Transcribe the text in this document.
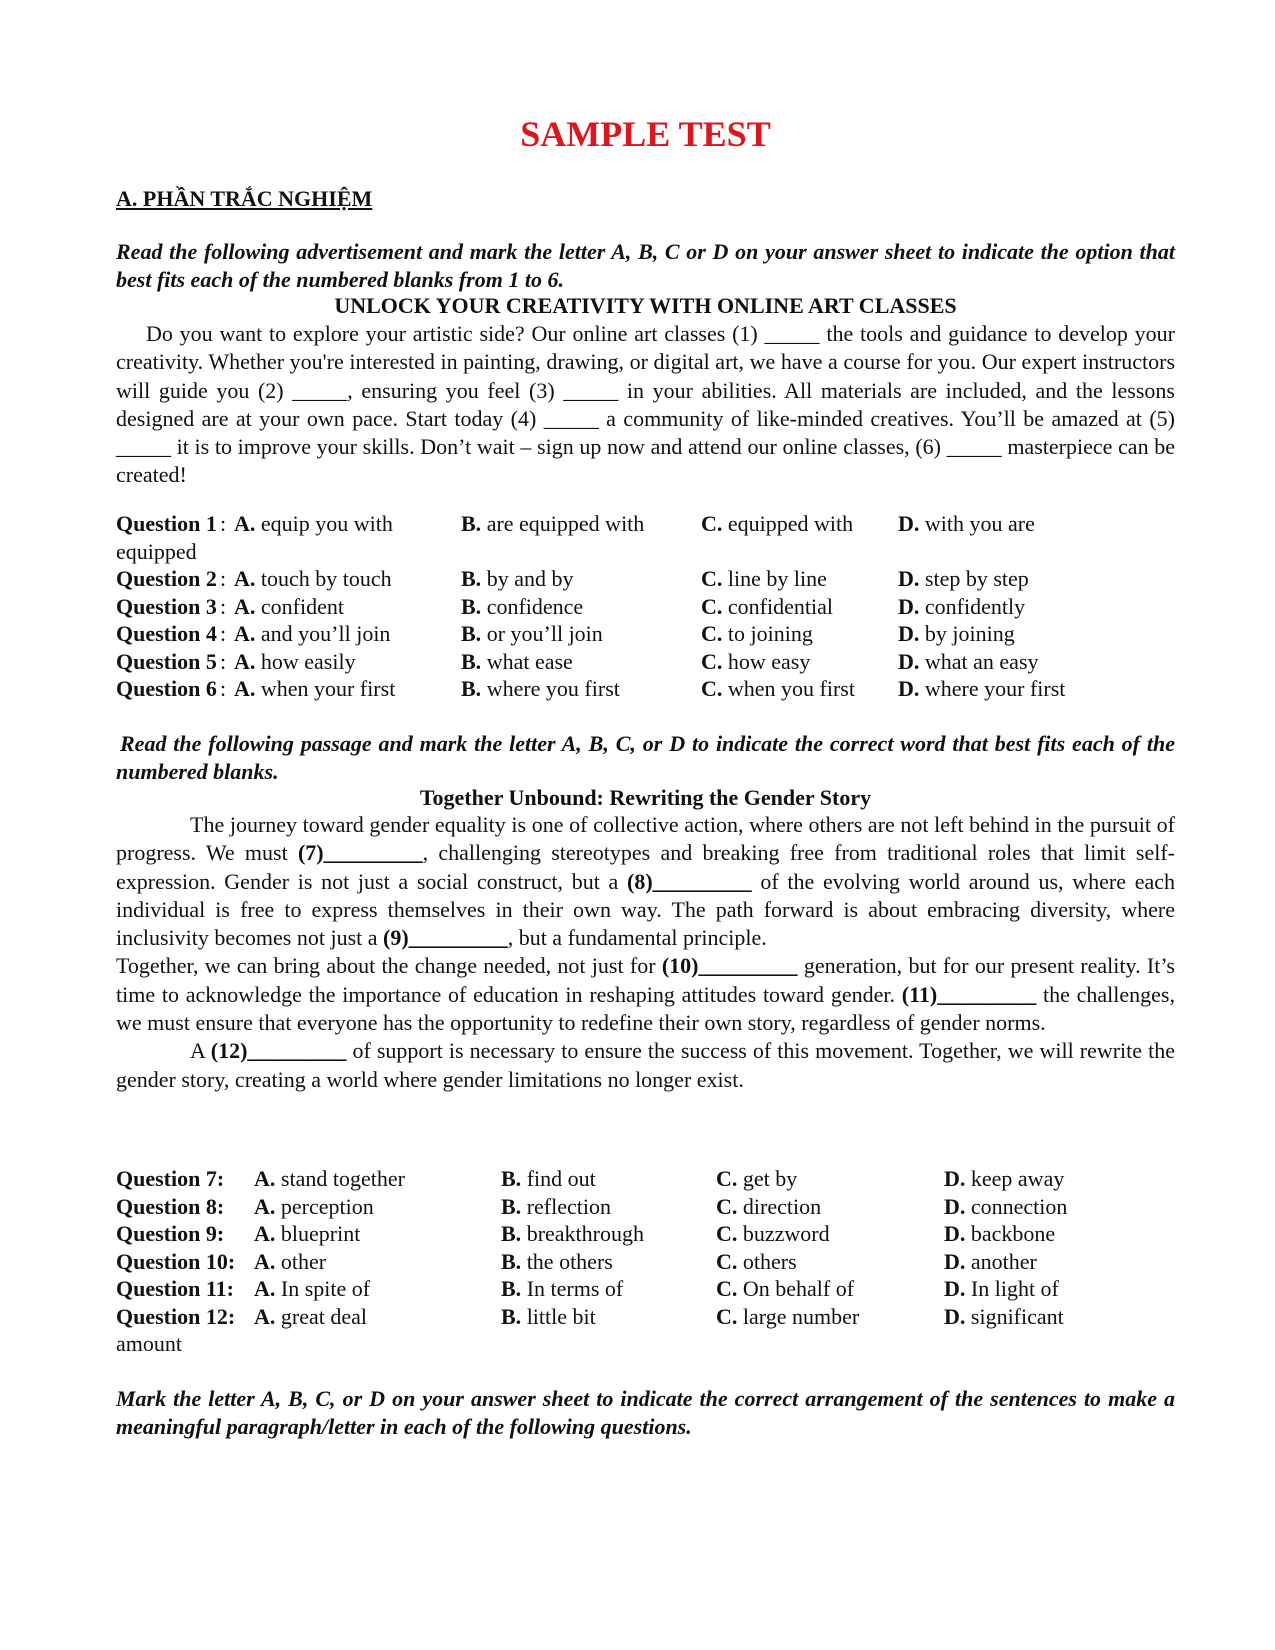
SAMPLE TEST
A. PHẦN TRẮC NGHIỆM
Read the following advertisement and mark the letter A, B, C or D on your answer sheet to indicate the option that best fits each of the numbered blanks from 1 to 6.
UNLOCK YOUR CREATIVITY WITH ONLINE ART CLASSES

Do you want to explore your artistic side? Our online art classes (1) _____ the tools and guidance to develop your creativity. Whether you're interested in painting, drawing, or digital art, we have a course for you. Our expert instructors will guide you (2) _____, ensuring you feel (3) _____ in your abilities. All materials are included, and the lessons designed are at your own pace. Start today (4) _____ a community of like-minded creatives. You’ll be amazed at (5) _____ it is to improve your skills. Don’t wait – sign up now and attend our online classes, (6) _____ masterpiece can be created!

Question 1 A. equip you with	B. are equipped with	C. equipped with D. with you are
:
equipped
Question 2 A. touch by touch	B. by and by	C. line by line	D. step by step
:
Question 3 A. confident	B. confidence	C. confidential	D. confidently
:
Question 4 A. and you’ll join	B. or you’ll join	C. to joining	D. by joining
:
Question 5 A. how easily	B. what ease	C. how easy	D. what an easy
:
Question 6 A. when your first	B. where you first	C. when you first D. where your first
:
Read the following passage and mark the letter A, B, C, or D to indicate the correct word that best fits each of the numbered blanks.
Together Unbound: Rewriting the Gender Story

The journey toward gender equality is one of collective action, where others are not left behind in the pursuit of progress. We must (7)_________, challenging stereotypes and breaking free from traditional roles that limit self-expression. Gender is not just a social construct, but a (8)_________ of the evolving world around us, where each individual is free to express themselves in their own way. The path forward is about embracing diversity, where inclusivity becomes not just a (9)_________, but a fundamental principle.

Together, we can bring about the change needed, not just for (10)_________ generation, but for our present reality. It’s time to acknowledge the importance of education in reshaping attitudes toward gender. (11)_________ the challenges, we must ensure that everyone has the opportunity to redefine their own story, regardless of gender norms.

A (12)_________ of support is necessary to ensure the success of this movement. Together, we will rewrite the gender story, creating a world where gender limitations no longer exist.

Question 7: A. stand together	B. find out	C. get by	D. keep away
Question 8: A. perception	B. reflection	C. direction	D. connection
Question 9: A. blueprint	B. breakthrough	C. buzzword	D. backbone
Question 10: A. other	B. the others	C. others	D. another
Question 11: A. In spite of	B. In terms of	C. On behalf of	D. In light of
Question 12: A. great deal	B. little bit	C. large number	D. significant
amount
Mark the letter A, B, C, or D on your answer sheet to indicate the correct arrangement of the sentences to make a meaningful paragraph/letter in each of the following questions.
